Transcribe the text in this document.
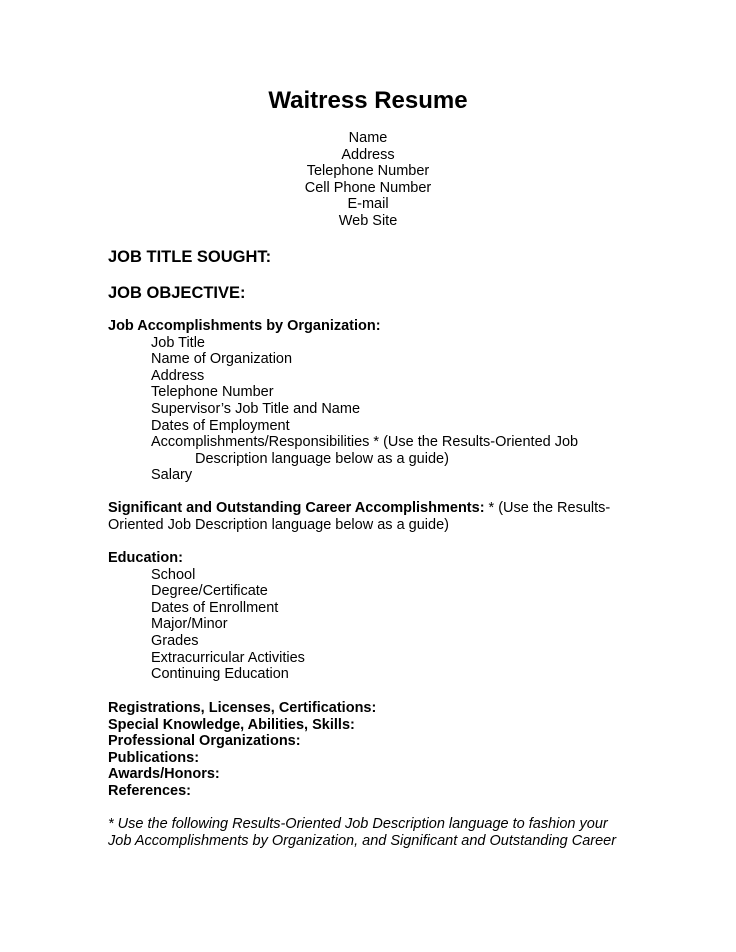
Waitress Resume
Name
Address
Telephone Number
Cell Phone Number
E-mail
Web Site
JOB TITLE SOUGHT:
JOB OBJECTIVE:
Job Accomplishments by Organization:
Job Title
Name of Organization
Address
Telephone Number
Supervisor’s Job Title and Name
Dates of Employment
Accomplishments/Responsibilities * (Use the Results-Oriented Job
Description language below as a guide)
Salary
Significant and Outstanding Career Accomplishments: * (Use the Results-
Oriented Job Description language below as a guide)
Education:
School
Degree/Certificate
Dates of Enrollment
Major/Minor
Grades
Extracurricular Activities
Continuing Education
Registrations, Licenses, Certifications:
Special Knowledge, Abilities, Skills:
Professional Organizations:
Publications:
Awards/Honors:
References:
* Use the following Results-Oriented Job Description language to fashion your
Job Accomplishments by Organization, and Significant and Outstanding Career
